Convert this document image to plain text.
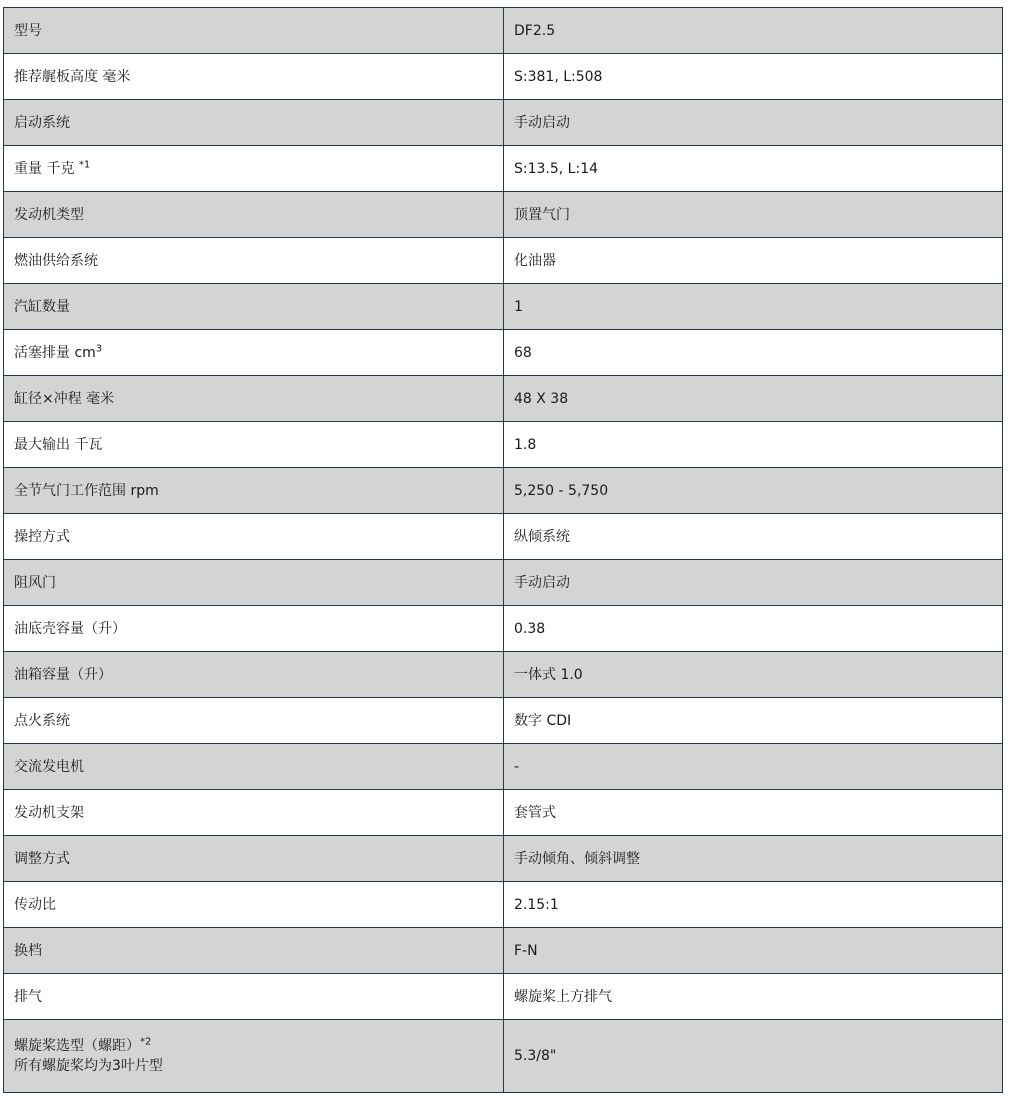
型号	DF2.5
推荐艉板高度 毫米	S:381, L:508
启动系统	手动启动
重量 千克 $^{*1}$	S:13.5, L:14
发动机类型	顶置气门
燃油供给系统	化油器
汽缸数量	1
活塞排量 $cm^3$	68
缸径×冲程 毫米	48 X 38
最大输出 千瓦	1.8
全节气门工作范围 rpm	5,250 - 5,750
操控方式	纵倾系统
阻风门	手动启动
油底壳容量（升）	0.38
油箱容量（升）	一体式 1.0
点火系统	数字 CDI
交流发电机	-
发动机支架	套管式
调整方式	手动倾角、倾斜调整
传动比	2.15:1
换档	F-N
排气	螺旋桨上方排气

螺旋桨选型（螺距）$^{*2}$
所有螺旋桨均为3叶片型	5.3/8"
